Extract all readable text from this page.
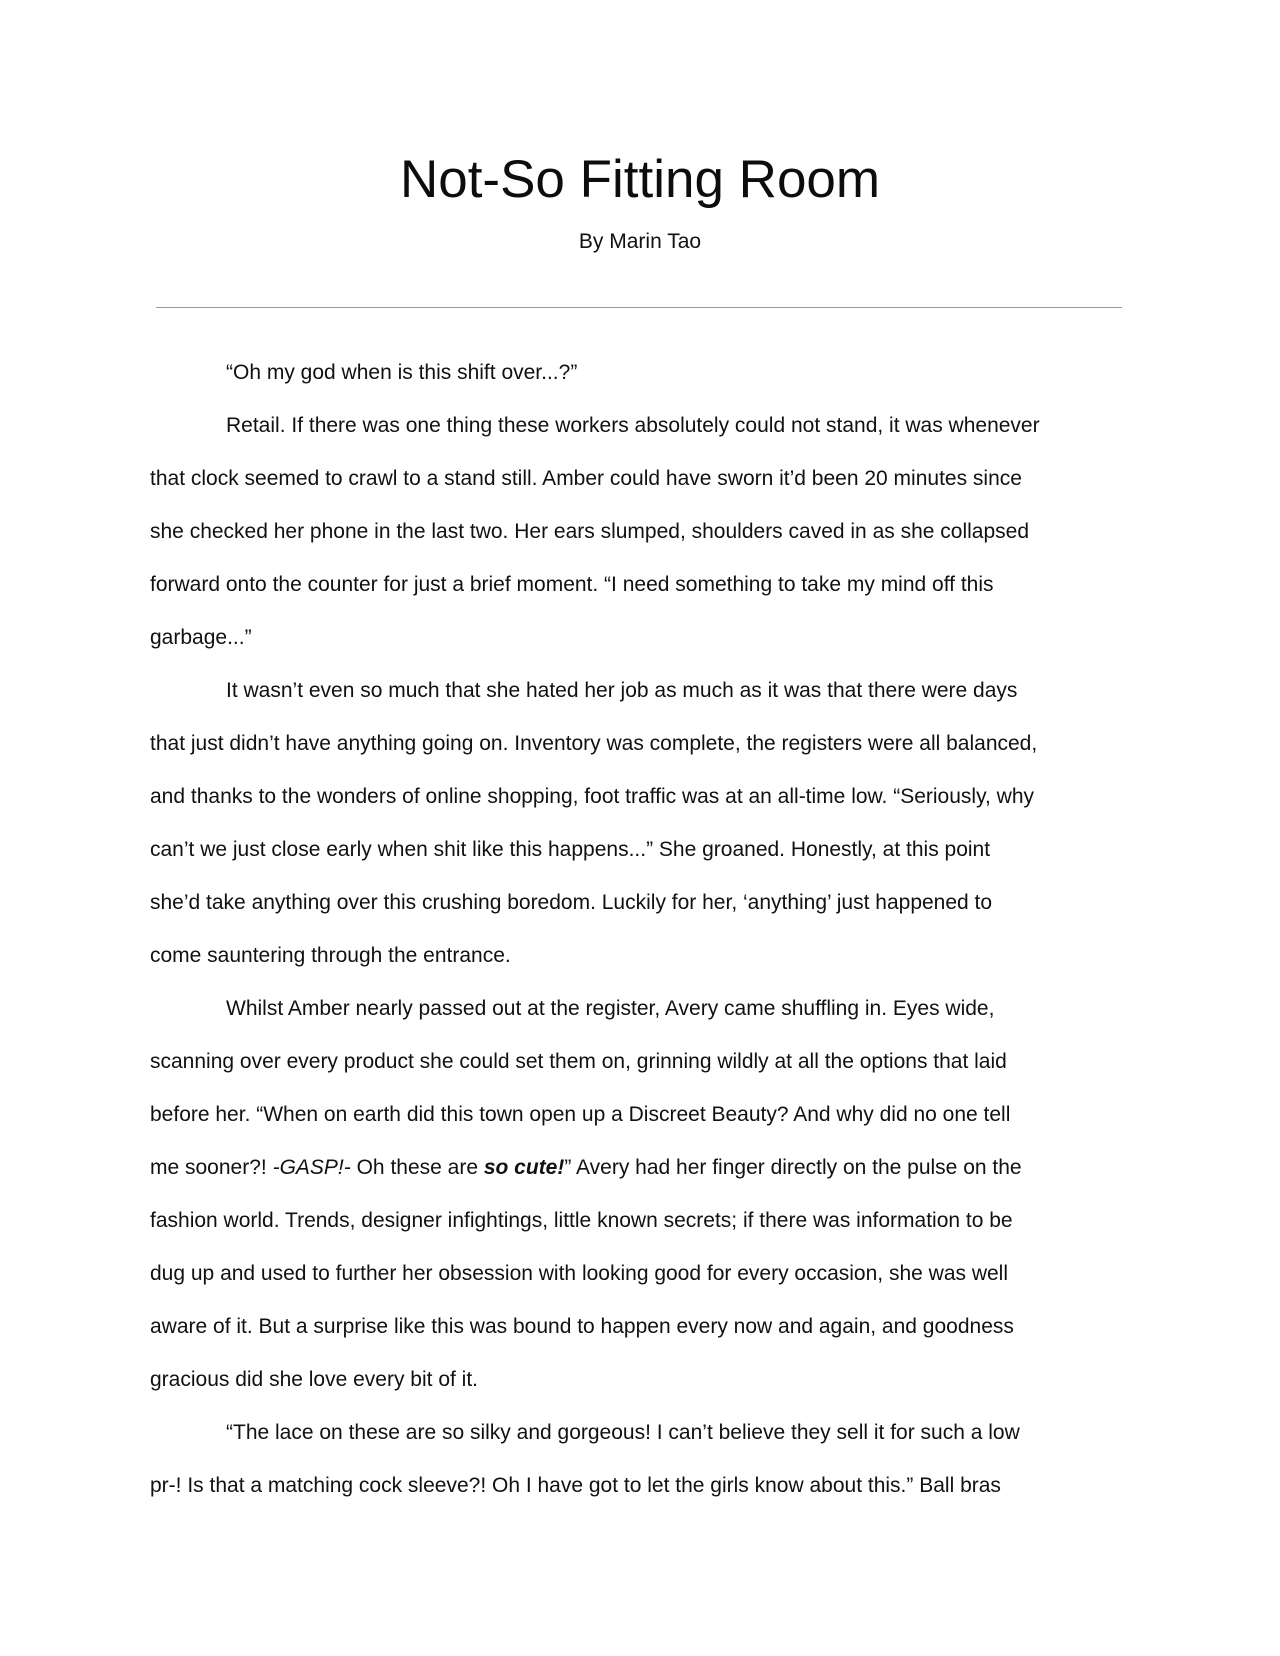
Not-So Fitting Room
By Marin Tao
“Oh my god when is this shift over...?”
Retail. If there was one thing these workers absolutely could not stand, it was whenever
that clock seemed to crawl to a stand still. Amber could have sworn it’d been 20 minutes since
she checked her phone in the last two. Her ears slumped, shoulders caved in as she collapsed
forward onto the counter for just a brief moment. “I need something to take my mind off this
garbage...”
It wasn’t even so much that she hated her job as much as it was that there were days
that just didn’t have anything going on. Inventory was complete, the registers were all balanced,
and thanks to the wonders of online shopping, foot traffic was at an all-time low. “Seriously, why
can’t we just close early when shit like this happens...” She groaned. Honestly, at this point
she’d take anything over this crushing boredom. Luckily for her, ‘anything’ just happened to
come sauntering through the entrance.
Whilst Amber nearly passed out at the register, Avery came shuffling in. Eyes wide,
scanning over every product she could set them on, grinning wildly at all the options that laid
before her. “When on earth did this town open up a Discreet Beauty? And why did no one tell
me sooner?! -GASP!- Oh these are so cute!” Avery had her finger directly on the pulse on the
fashion world. Trends, designer infightings, little known secrets; if there was information to be
dug up and used to further her obsession with looking good for every occasion, she was well
aware of it. But a surprise like this was bound to happen every now and again, and goodness
gracious did she love every bit of it.
“The lace on these are so silky and gorgeous! I can’t believe they sell it for such a low
pr-! Is that a matching cock sleeve?! Oh I have got to let the girls know about this.” Ball bras
